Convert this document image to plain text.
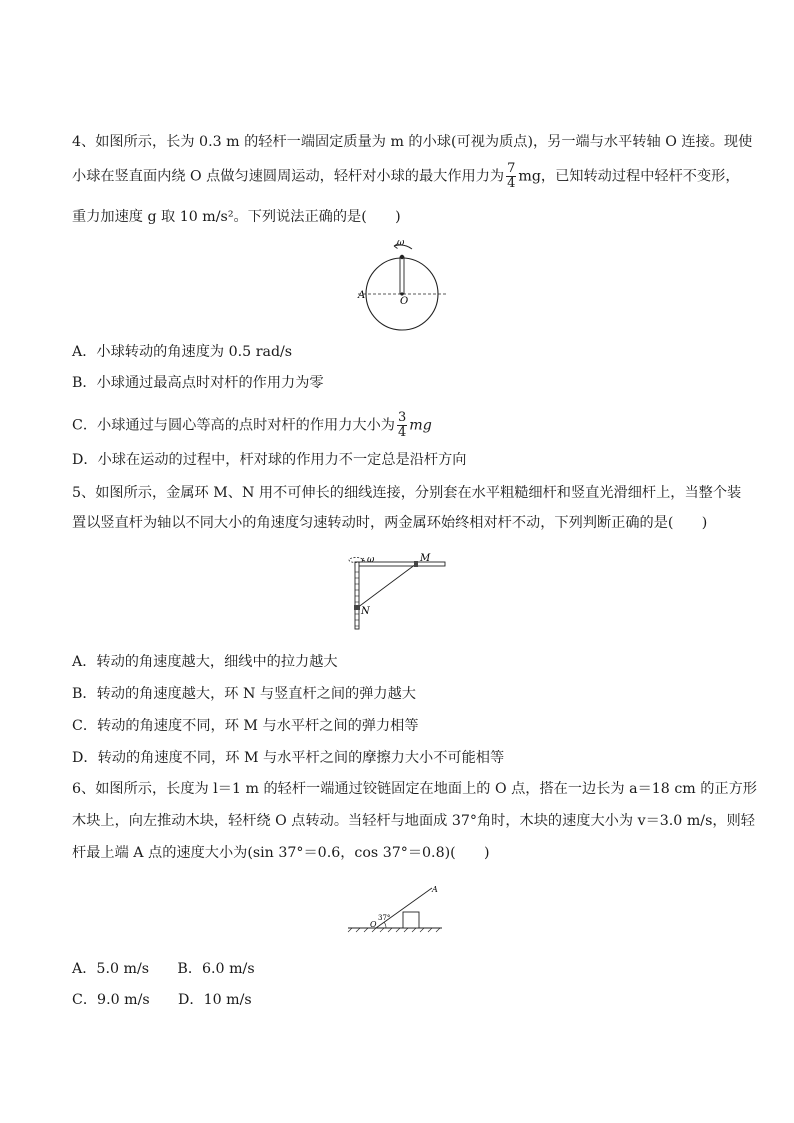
4、如图所示，长为 0.3 m 的轻杆一端固定质量为 m 的小球(可视为质点)，另一端与水平转轴 O 连接。现使
小球在竖直面内绕 O 点做匀速圆周运动，轻杆对小球的最大作用力为 $\frac{7}{4}$ mg，已知转动过程中轻杆不变形，
重力加速度 g 取 10 m/s²。下列说法正确的是(　　)
ω
A
O
A．小球转动的角速度为 0.5 rad/s
B．小球通过最高点时对杆的作用力为零
C．小球通过与圆心等高的点时对杆的作用力大小为 $\frac{3}{4}$ mg
D．小球在运动的过程中，杆对球的作用力不一定总是沿杆方向
5、如图所示，金属环 M、N 用不可伸长的细线连接，分别套在水平粗糙细杆和竖直光滑细杆上，当整个装
置以竖直杆为轴以不同大小的角速度匀速转动时，两金属环始终相对杆不动，下列判断正确的是(　　)
ω	M
N
A．转动的角速度越大，细线中的拉力越大
B．转动的角速度越大，环 N 与竖直杆之间的弹力越大
C．转动的角速度不同，环 M 与水平杆之间的弹力相等
D．转动的角速度不同，环 M 与水平杆之间的摩擦力大小不可能相等
6、如图所示，长度为 l＝1 m 的轻杆一端通过铰链固定在地面上的 O 点，搭在一边长为 a＝18 cm 的正方形
木块上，向左推动木块，轻杆绕 O 点转动。当轻杆与地面成 37°角时，木块的速度大小为 v＝3.0 m/s，则轻
杆最上端 A 点的速度大小为(sin 37°＝0.6，cos 37°＝0.8)(　　)
A
O
37°
A．5.0 m/s　　B．6.0 m/s
C．9.0 m/s　　D．10 m/s
